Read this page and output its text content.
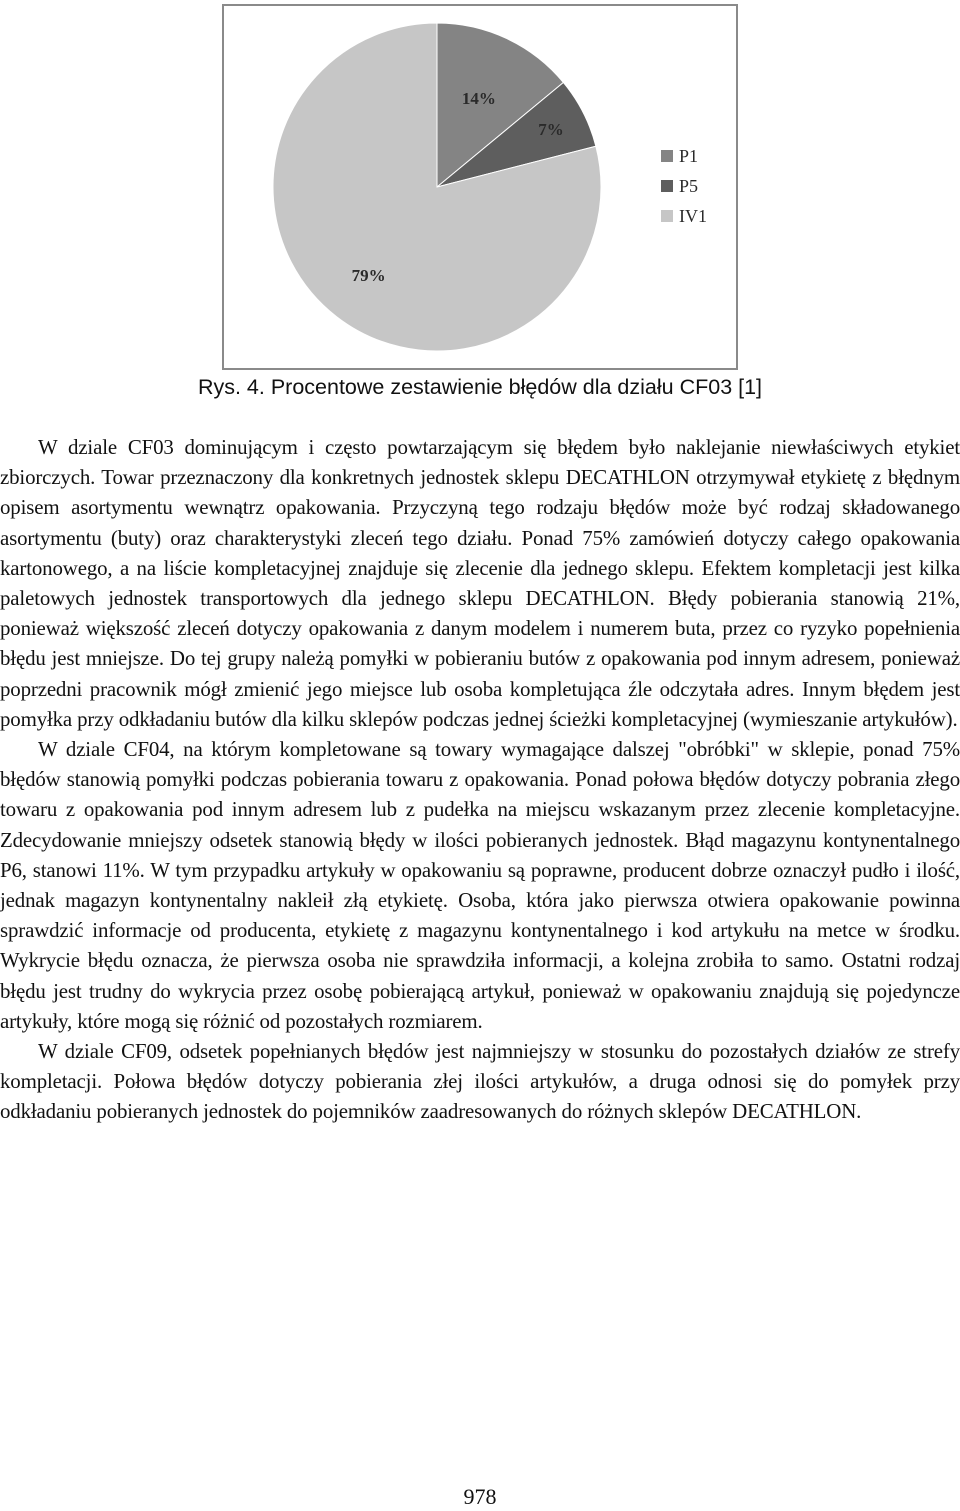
14%
7%
79%
P1
P5
IV1
Rys. 4. Procentowe zestawienie błędów dla działu CF03 [1]

W dziale CF03 dominującym i często powtarzającym się błędem było naklejanie niewłaściwych etykiet zbiorczych. Towar przeznaczony dla konkretnych jednostek sklepu DECATHLON otrzymywał etykietę z błędnym opisem asortymentu wewnątrz opakowania. Przyczyną tego rodzaju błędów może być rodzaj składowanego asortymentu (buty) oraz charakterystyki zleceń tego działu. Ponad 75% zamówień dotyczy całego opakowania kartonowego, a na liście kompletacyjnej znajduje się zlecenie dla jednego sklepu. Efektem kompletacji jest kilka paletowych jednostek transportowych dla jednego sklepu DECATHLON. Błędy pobierania stanowią 21%, ponieważ większość zleceń dotyczy opakowania z danym modelem i numerem buta, przez co ryzyko popełnienia błędu jest mniejsze. Do tej grupy należą pomyłki w pobieraniu butów z opakowania pod innym adresem, ponieważ poprzedni pracownik mógł zmienić jego miejsce lub osoba kompletująca źle odczytała adres. Innym błędem jest pomyłka przy odkładaniu butów dla kilku sklepów podczas jednej ścieżki kompletacyjnej (wymieszanie artykułów).

W dziale CF04, na którym kompletowane są towary wymagające dalszej "obróbki" w sklepie, ponad 75% błędów stanowią pomyłki podczas pobierania towaru z opakowania. Ponad połowa błędów dotyczy pobrania złego towaru z opakowania pod innym adresem lub z pudełka na miejscu wskazanym przez zlecenie kompletacyjne. Zdecydowanie mniejszy odsetek stanowią błędy w ilości pobieranych jednostek. Błąd magazynu kontynentalnego P6, stanowi 11%. W tym przypadku artykuły w opakowaniu są poprawne, producent dobrze oznaczył pudło i ilość, jednak magazyn kontynentalny nakleił złą etykietę. Osoba, która jako pierwsza otwiera opakowanie powinna sprawdzić informacje od producenta, etykietę z magazynu kontynentalnego i kod artykułu na metce w środku. Wykrycie błędu oznacza, że pierwsza osoba nie sprawdziła informacji, a kolejna zrobiła to samo. Ostatni rodzaj błędu jest trudny do wykrycia przez osobę pobierającą artykuł, ponieważ w opakowaniu znajdują się pojedyncze artykuły, które mogą się różnić od pozostałych rozmiarem.

W dziale CF09, odsetek popełnianych błędów jest najmniejszy w stosunku do pozostałych działów ze strefy kompletacji. Połowa błędów dotyczy pobierania złej ilości artykułów, a druga odnosi się do pomyłek przy odkładaniu pobieranych jednostek do pojemników zaadresowanych do różnych sklepów DECATHLON.

978
